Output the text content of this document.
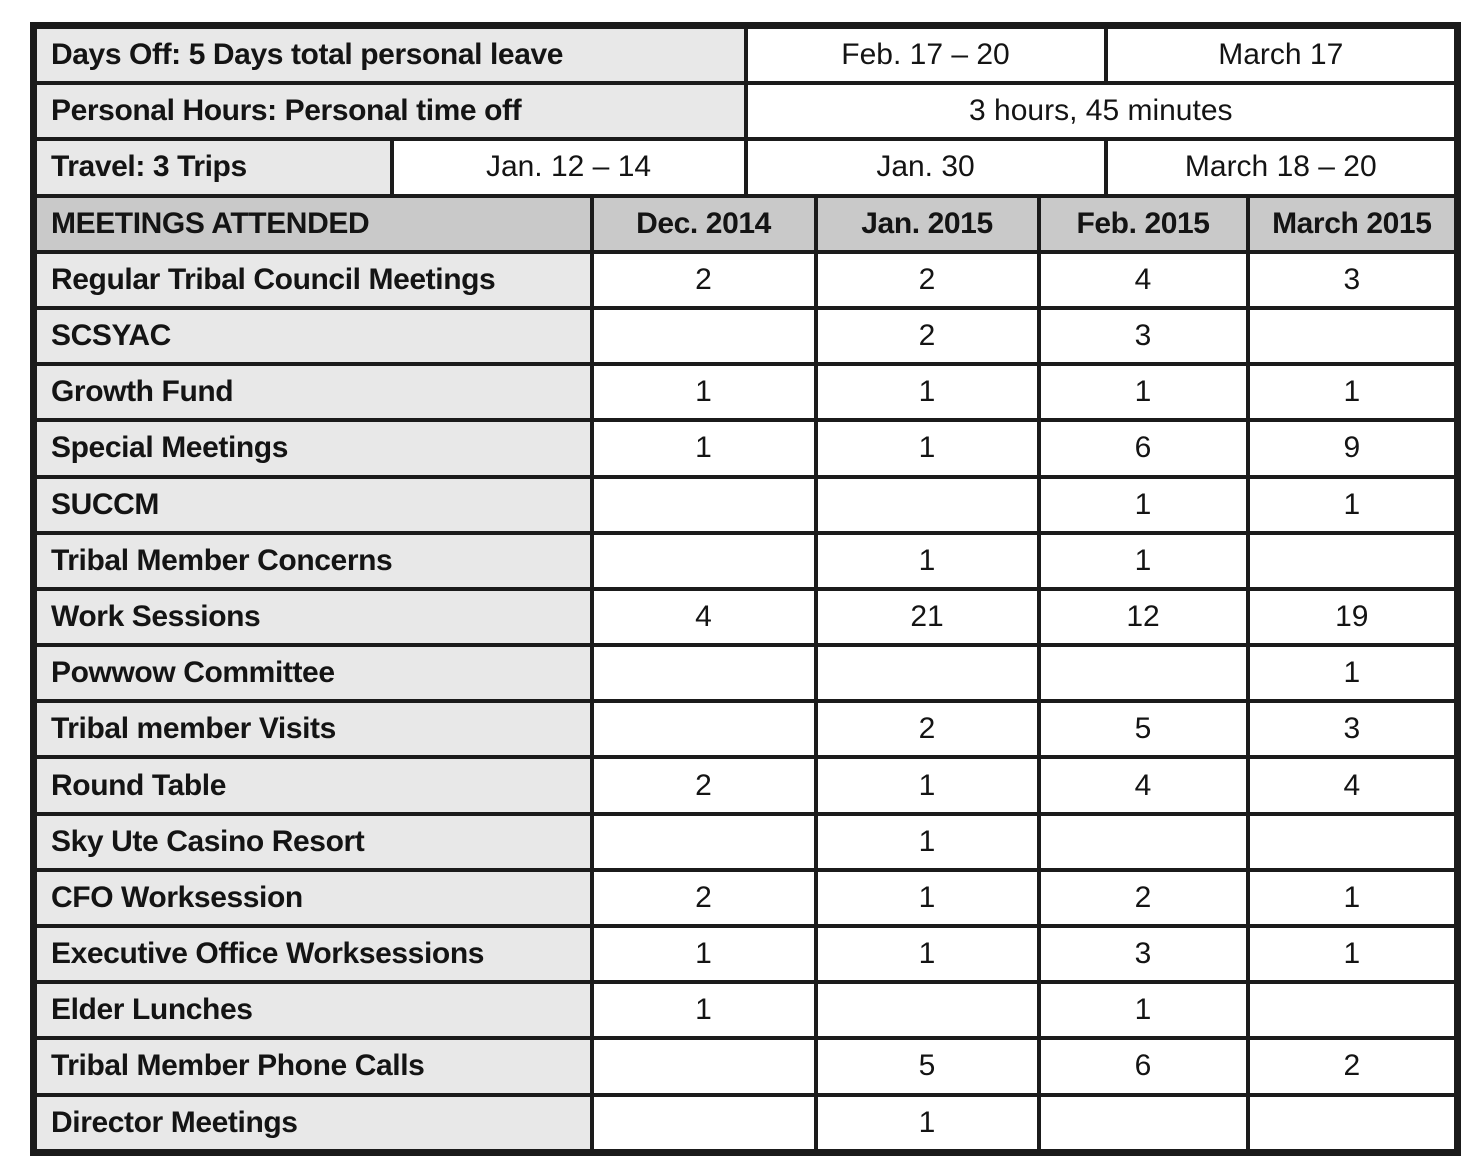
Days Off: 5 Days total personal leave			Feb. 17 – 20			March 17	
Personal Hours: Personal time off			3 hours, 45 minutes				
Travel: 3 Trips	Jan. 12 – 14		Jan. 30			March 18 – 20	
MEETINGS ATTENDED		Dec. 2014		Jan. 2015	Feb. 2015		March 2015
Regular Tribal Council Meetings		2		2	4		3
SCSYAC				2	3		
Growth Fund		1		1	1		1
Special Meetings		1		1	6		9
SUCCM					1		1
Tribal Member Concerns				1	1		
Work Sessions		4		21	12		19
Powwow Committee							1
Tribal member Visits				2	5		3
Round Table		2		1	4		4
Sky Ute Casino Resort				1			
CFO Worksession		2		1	2		1
Executive Office Worksessions		1		1	3		1
Elder Lunches		1			1		
Tribal Member Phone Calls				5	6		2
Director Meetings				1			
